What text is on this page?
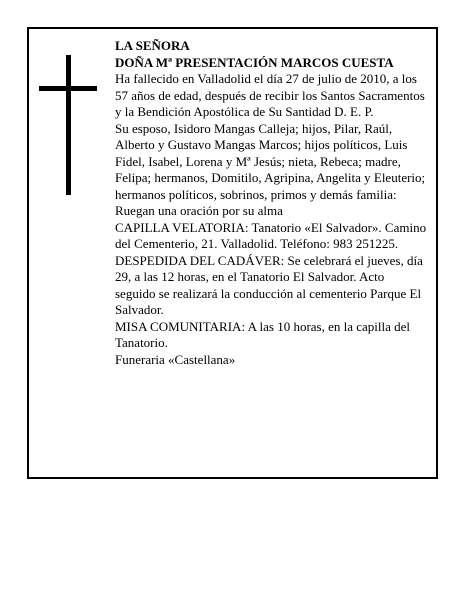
LA SEÑORA

DOÑA Mª PRESENTACIÓN MARCOS CUESTA

Ha fallecido en Valladolid el día 27 de julio de 2010, a los 57 años de edad, después de recibir los Santos Sacramentos y la Bendición Apostólica de Su Santidad D. E. P.

Su esposo, Isidoro Mangas Calleja; hijos, Pilar, Raúl, Alberto y Gustavo Mangas Marcos; hijos políticos, Luis Fidel, Isabel, Lorena y Mª Jesús; nieta, Rebeca; madre, Felipa; hermanos, Domitilo, Agripina, Angelita y Eleuterio; hermanos políticos, sobrinos, primos y demás familia:

Ruegan una oración por su alma

CAPILLA VELATORIA: Tanatorio «El Salvador». Camino del Cementerio, 21. Valladolid. Teléfono: 983 251225.

DESPEDIDA DEL CADÁVER: Se celebrará el jueves, día 29, a las 12 horas, en el Tanatorio El Salvador. Acto seguido se realizará la conducción al cementerio Parque El Salvador.

MISA COMUNITARIA: A las 10 horas, en la capilla del Tanatorio.

Funeraria «Castellana»
